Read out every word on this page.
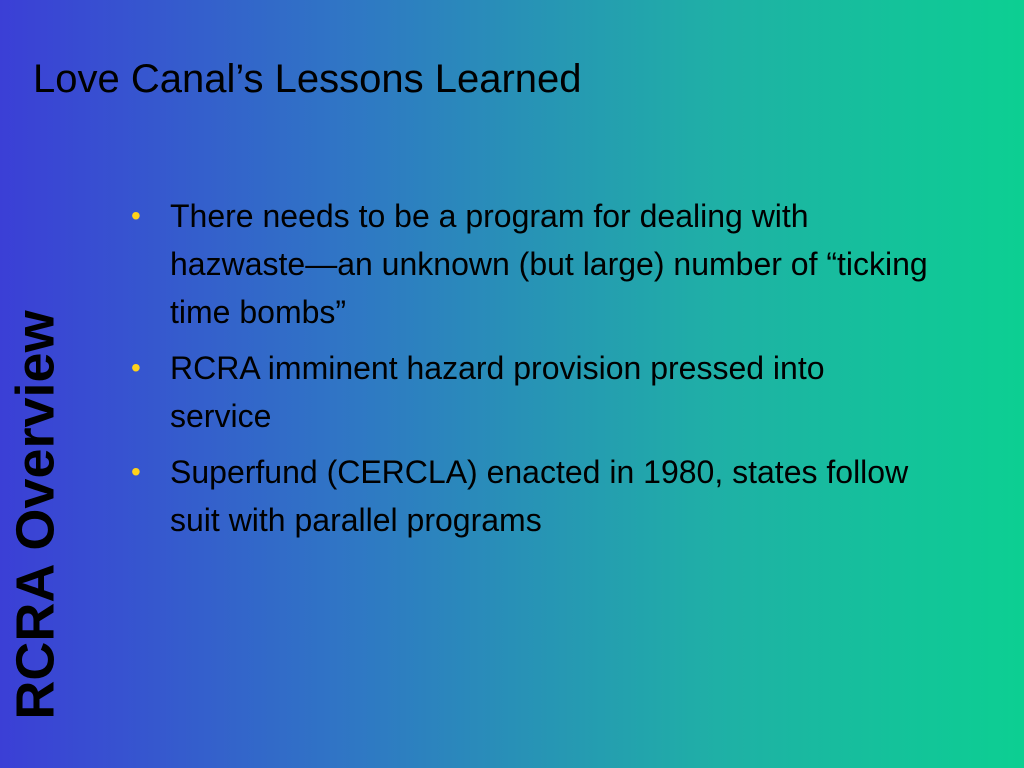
Love Canal’s Lessons Learned
RCRA Overview
• There needs to be a program for dealing with hazwaste—an unknown (but large) number of “ticking time bombs”
• RCRA imminent hazard provision pressed into service
• Superfund (CERCLA) enacted in 1980, states follow suit with parallel programs
